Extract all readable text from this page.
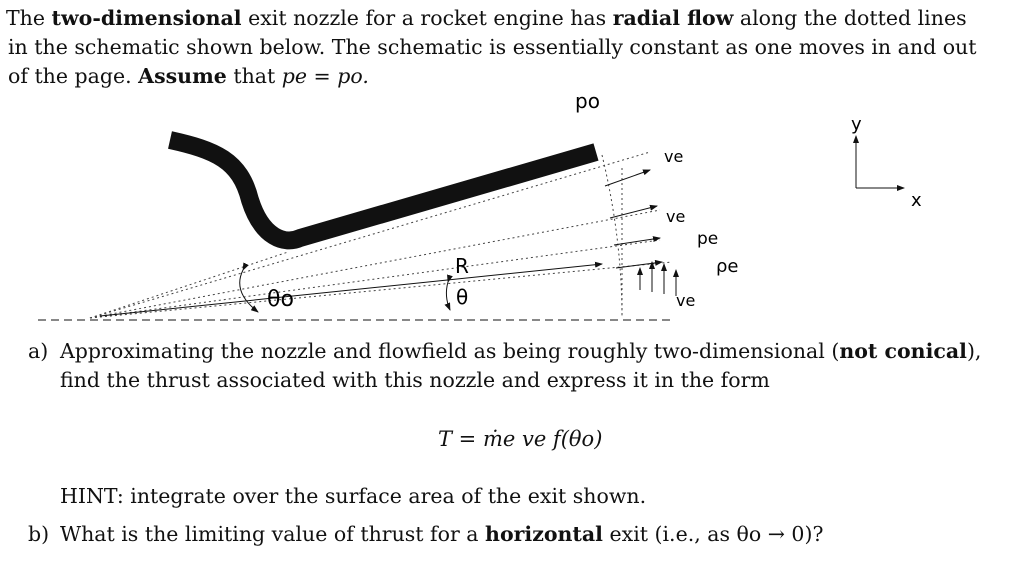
The two-dimensional exit nozzle for a rocket engine has radial flow along the dotted lines
in the schematic shown below. The schematic is essentially constant as one moves in and out
of the page. Assume that pe = po.
po
θo
R
θ
ve
ve
ve
pe
ρe
y
x
a) Approximating the nozzle and flowfield as being roughly two-dimensional (not conical),
find the thrust associated with this nozzle and express it in the form
T = ṁe ve f(θo)
HINT: integrate over the surface area of the exit shown.
b) What is the limiting value of thrust for a horizontal exit (i.e., as θo → 0)?
